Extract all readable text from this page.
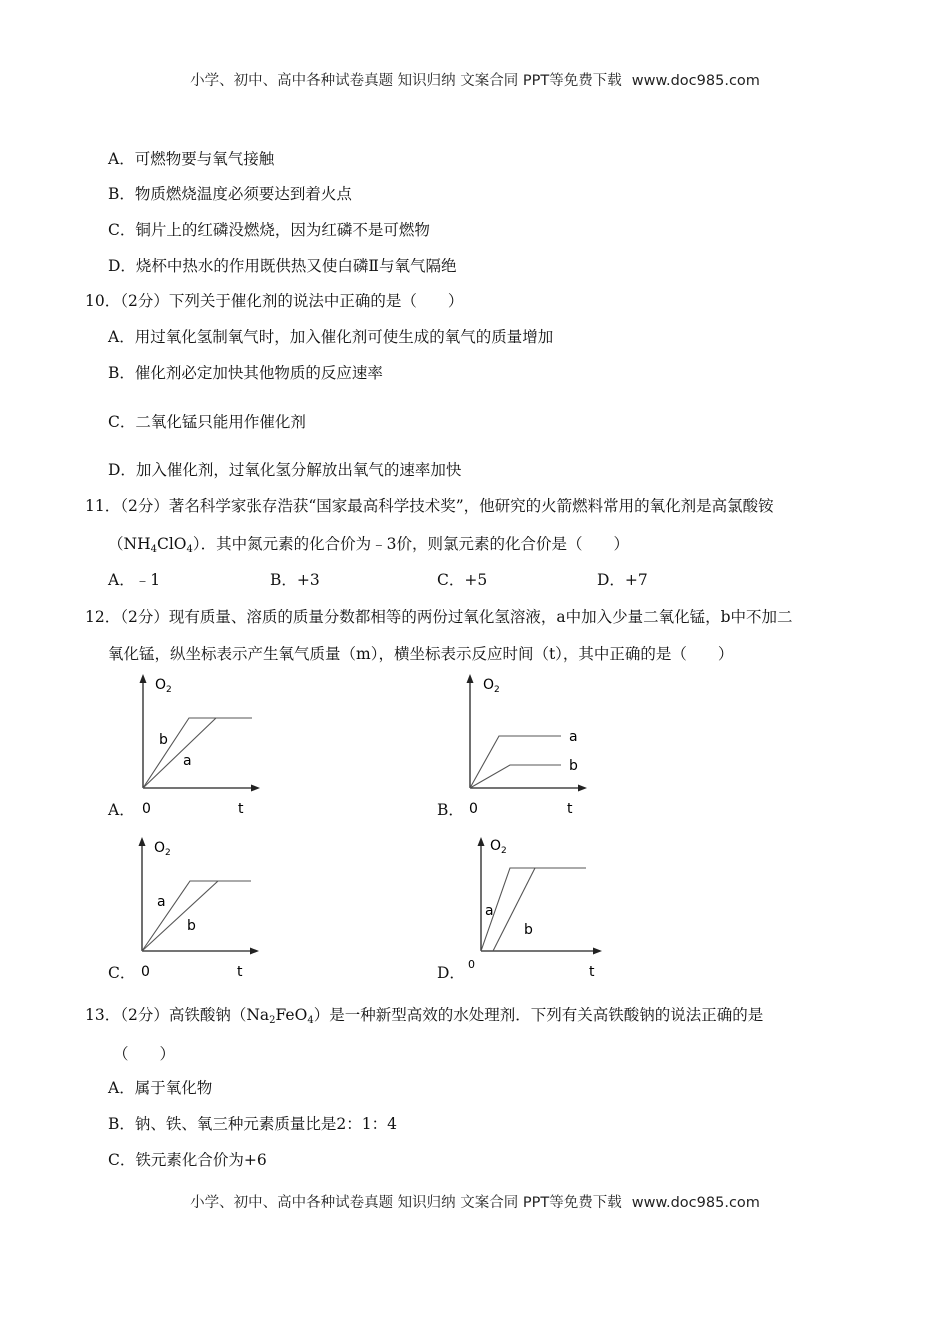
小学、初中、高中各种试卷真题 知识归纳 文案合同 PPT等免费下载 www.doc985.com
A．可燃物要与氧气接触
B．物质燃烧温度必须要达到着火点
C．铜片上的红磷没燃烧，因为红磷不是可燃物
D．烧杯中热水的作用既供热又使白磷Ⅱ与氧气隔绝
10．（2分）下列关于催化剂的说法中正确的是（　　）
A．用过氧化氢制氧气时，加入催化剂可使生成的氧气的质量增加
B．催化剂必定加快其他物质的反应速率
C．二氧化锰只能用作催化剂
D．加入催化剂，过氧化氢分解放出氧气的速率加快
11．（2分）著名科学家张存浩获“国家最高科学技术奖”，他研究的火箭燃料常用的氧化剂是高氯酸铵
$(NH_4ClO_4)$．其中氮元素的化合价为﹣3价，则氯元素的化合价是（　　）
A．﹣1	B．+3	C．+5	D．+7
12．（2分）现有质量、溶质的质量分数都相等的两份过氧化氢溶液，a中加入少量二氧化锰，b中不加二
氧化锰，纵坐标表示产生氧气质量（m），横坐标表示反应时间（t），其中正确的是（　　）
A．
$O_2$
0	t
b
a
B．
$O_2$
0	t
a
b
C．
$O_2$
0	t
a
b
D．
$O_2$
0	t
a
b
13．（2分）高铁酸钠$(Na_2FeO_4)$是一种新型高效的水处理剂．下列有关高铁酸钠的说法正确的是
（　　）
A．属于氧化物
B．钠、铁、氧三种元素质量比是2：1：4
C．铁元素化合价为+6
小学、初中、高中各种试卷真题 知识归纳 文案合同 PPT等免费下载 www.doc985.com
